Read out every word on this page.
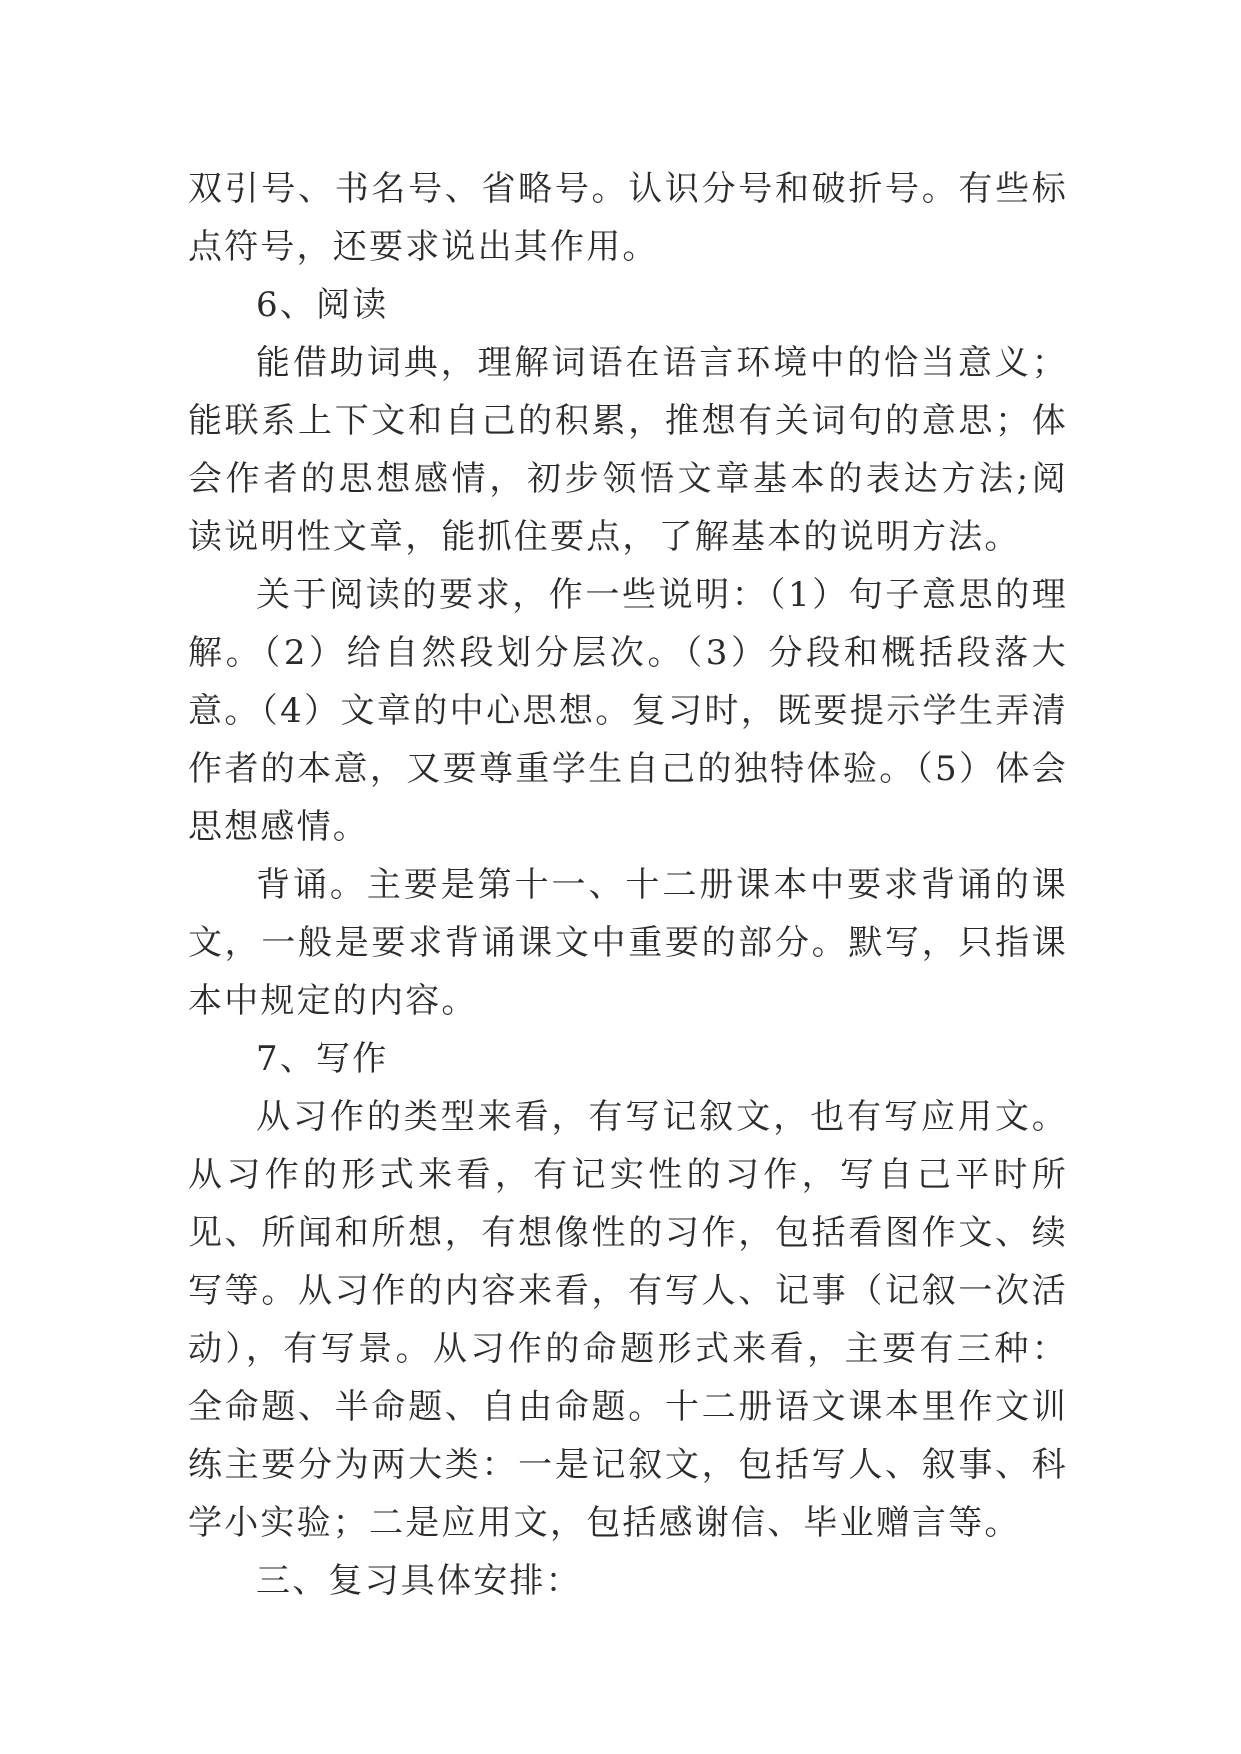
双引号、书名号、省略号。认识分号和破折号。有些标点符号，还要求说出其作用。

6、阅读

能借助词典，理解词语在语言环境中的恰当意义；能联系上下文和自己的积累，推想有关词句的意思；体会作者的思想感情，初步领悟文章基本的表达方法;阅读说明性文章，能抓住要点，了解基本的说明方法。

关于阅读的要求，作一些说明：（1）句子意思的理解。（2）给自然段划分层次。（3）分段和概括段落大意。（4）文章的中心思想。复习时，既要提示学生弄清作者的本意，又要尊重学生自己的独特体验。（5）体会思想感情。

背诵。主要是第十一、十二册课本中要求背诵的课文，一般是要求背诵课文中重要的部分。默写，只指课本中规定的内容。

7、写作

从习作的类型来看，有写记叙文，也有写应用文。从习作的形式来看，有记实性的习作，写自己平时所见、所闻和所想，有想像性的习作，包括看图作文、续写等。从习作的内容来看，有写人、记事（记叙一次活动），有写景。从习作的命题形式来看，主要有三种：全命题、半命题、自由命题。十二册语文课本里作文训练主要分为两大类：一是记叙文，包括写人、叙事、科学小实验；二是应用文，包括感谢信、毕业赠言等。

三、复习具体安排：
